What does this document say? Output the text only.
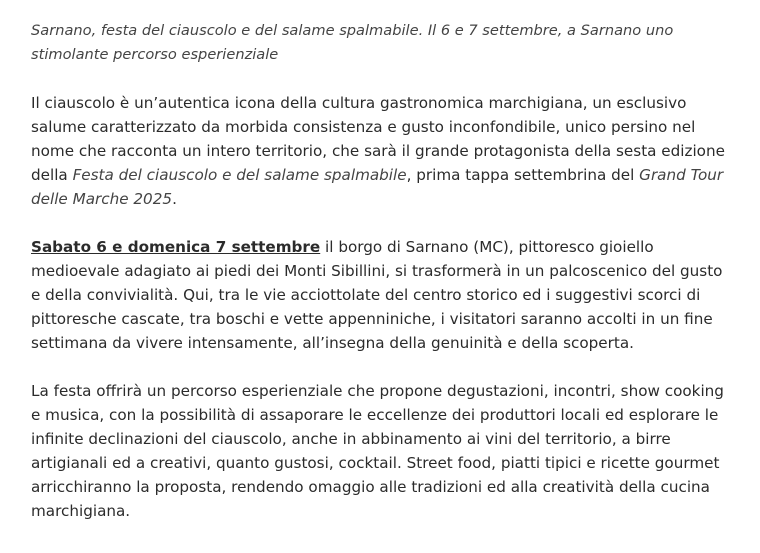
Sarnano, festa del ciauscolo e del salame spalmabile. Il 6 e 7 settembre, a Sarnano uno stimolante percorso esperienziale

Il ciauscolo è un’autentica icona della cultura gastronomica marchigiana, un esclusivo salume caratterizzato da morbida consistenza e gusto inconfondibile, unico persino nel nome che racconta un intero territorio, che sarà il grande protagonista della sesta edizione della Festa del ciauscolo e del salame spalmabile, prima tappa settembrina del Grand Tour delle Marche 2025.

Sabato 6 e domenica 7 settembre il borgo di Sarnano (MC), pittoresco gioiello medioevale adagiato ai piedi dei Monti Sibillini, si trasformerà in un palcoscenico del gusto e della convivialità. Qui, tra le vie acciottolate del centro storico ed i suggestivi scorci di pittoresche cascate, tra boschi e vette appenniniche, i visitatori saranno accolti in un fine settimana da vivere intensamente, all’insegna della genuinità e della scoperta.

La festa offrirà un percorso esperienziale che propone degustazioni, incontri, show cooking e musica, con la possibilità di assaporare le eccellenze dei produttori locali ed esplorare le infinite declinazioni del ciauscolo, anche in abbinamento ai vini del territorio, a birre artigianali ed a creativi, quanto gustosi, cocktail. Street food, piatti tipici e ricette gourmet arricchiranno la proposta, rendendo omaggio alle tradizioni ed alla creatività della cucina marchigiana.
